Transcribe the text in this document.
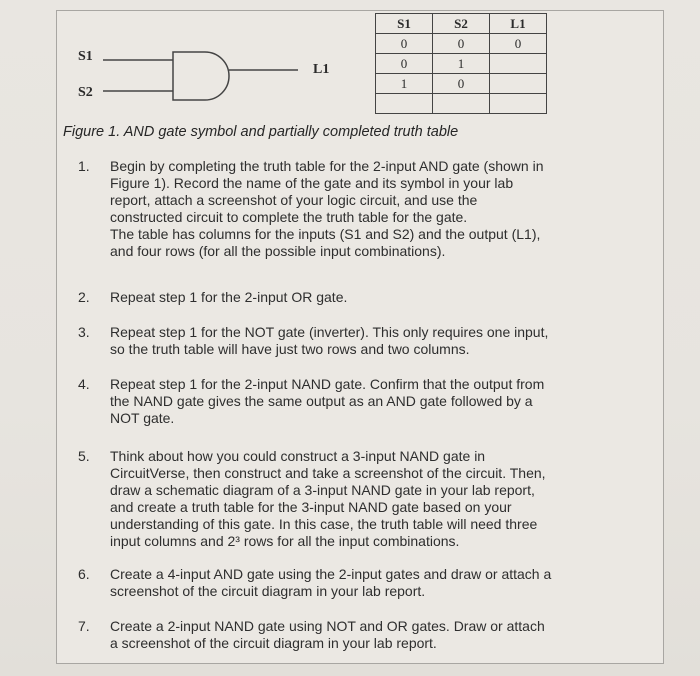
S1
S2
L1
S1	S2	L1
0	0	0
0	1	
1	0	

Figure 1. AND gate symbol and partially completed truth table
1.	Begin by completing the truth table for the 2-input AND gate (shown in
Figure 1). Record the name of the gate and its symbol in your lab
report, attach a screenshot of your logic circuit, and use the
constructed circuit to complete the truth table for the gate.
The table has columns for the inputs (S1 and S2) and the output (L1),
and four rows (for all the possible input combinations).
2.	Repeat step 1 for the 2-input OR gate.
3.	Repeat step 1 for the NOT gate (inverter). This only requires one input,
so the truth table will have just two rows and two columns.
4.	Repeat step 1 for the 2-input NAND gate. Confirm that the output from
the NAND gate gives the same output as an AND gate followed by a
NOT gate.
5.	Think about how you could construct a 3-input NAND gate in
CircuitVerse, then construct and take a screenshot of the circuit. Then,
draw a schematic diagram of a 3-input NAND gate in your lab report,
and create a truth table for the 3-input NAND gate based on your
understanding of this gate. In this case, the truth table will need three
input columns and 2³ rows for all the input combinations.
6.	Create a 4-input AND gate using the 2-input gates and draw or attach a
screenshot of the circuit diagram in your lab report.
7.	Create a 2-input NAND gate using NOT and OR gates. Draw or attach
a screenshot of the circuit diagram in your lab report.
